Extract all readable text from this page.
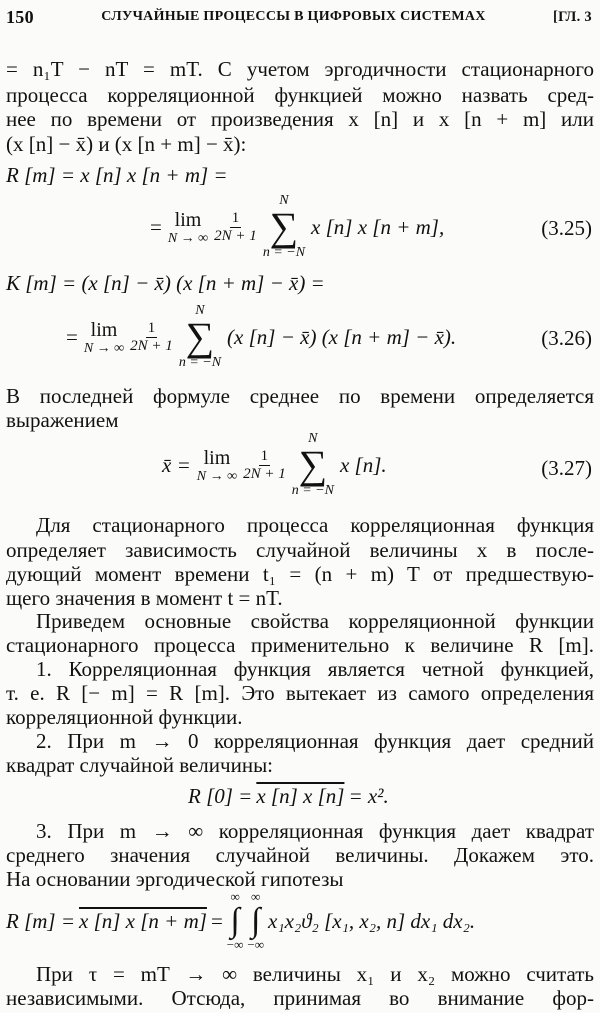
150	СЛУЧАЙНЫЕ ПРОЦЕССЫ В ЦИФРОВЫХ СИСТЕМАХ	[ГЛ. 3
= n₁T − nT = mT. С учетом эргодичности стационарного
процесса корреляционной функцией можно назвать сред-
нее по времени от произведения x [n] и x [n + m] или
(x [n] − x̄) и (x [n + m] − x̄):
R [m] = x [n] x [n + m] =
= lim
N → ∞ $\frac{1}{2N + 1}$
N
∑
n = −N
x [n] x [n + m],	(3.25)
K [m] = (x [n] − x̄) (x [n + m] − x̄) =
= lim
N → ∞ $\frac{1}{2N + 1}$
N
∑
n = −N
(x [n] − x̄) (x [n + m] − x̄).	(3.26)
В последней формуле среднее по времени определяется
выражением
x̄ = lim
N → ∞ $\frac{1}{2N + 1}$
N
∑
n = −N
x [n].	(3.27)
Для стационарного процесса корреляционная функция
определяет зависимость случайной величины x в после-
дующий момент времени t₁ = (n + m) T от предшествую-
щего значения в момент t = nT.
Приведем основные свойства корреляционной функции
стационарного процесса применительно к величине R [m].
1. Корреляционная функция является четной функцией,
т. е. R [− m] = R [m]. Это вытекает из самого определения
корреляционной функции.
2. При m → 0 корреляционная функция дает средний
квадрат случайной величины:
R [0] = x [n] x [n] = x².
3. При m → ∞ корреляционная функция дает квадрат
среднего значения случайной величины. Докажем это.
На основании эргодической гипотезы
R [m] = x [n] x [n + m] =
∞
∫
−∞
∞
∫
−∞
x₁x₂ϑ₂ [x₁, x₂, n] dx₁ dx₂.
При τ = mT → ∞ величины x₁ и x₂ можно считать
независимыми. Отсюда, принимая во внимание фор-
